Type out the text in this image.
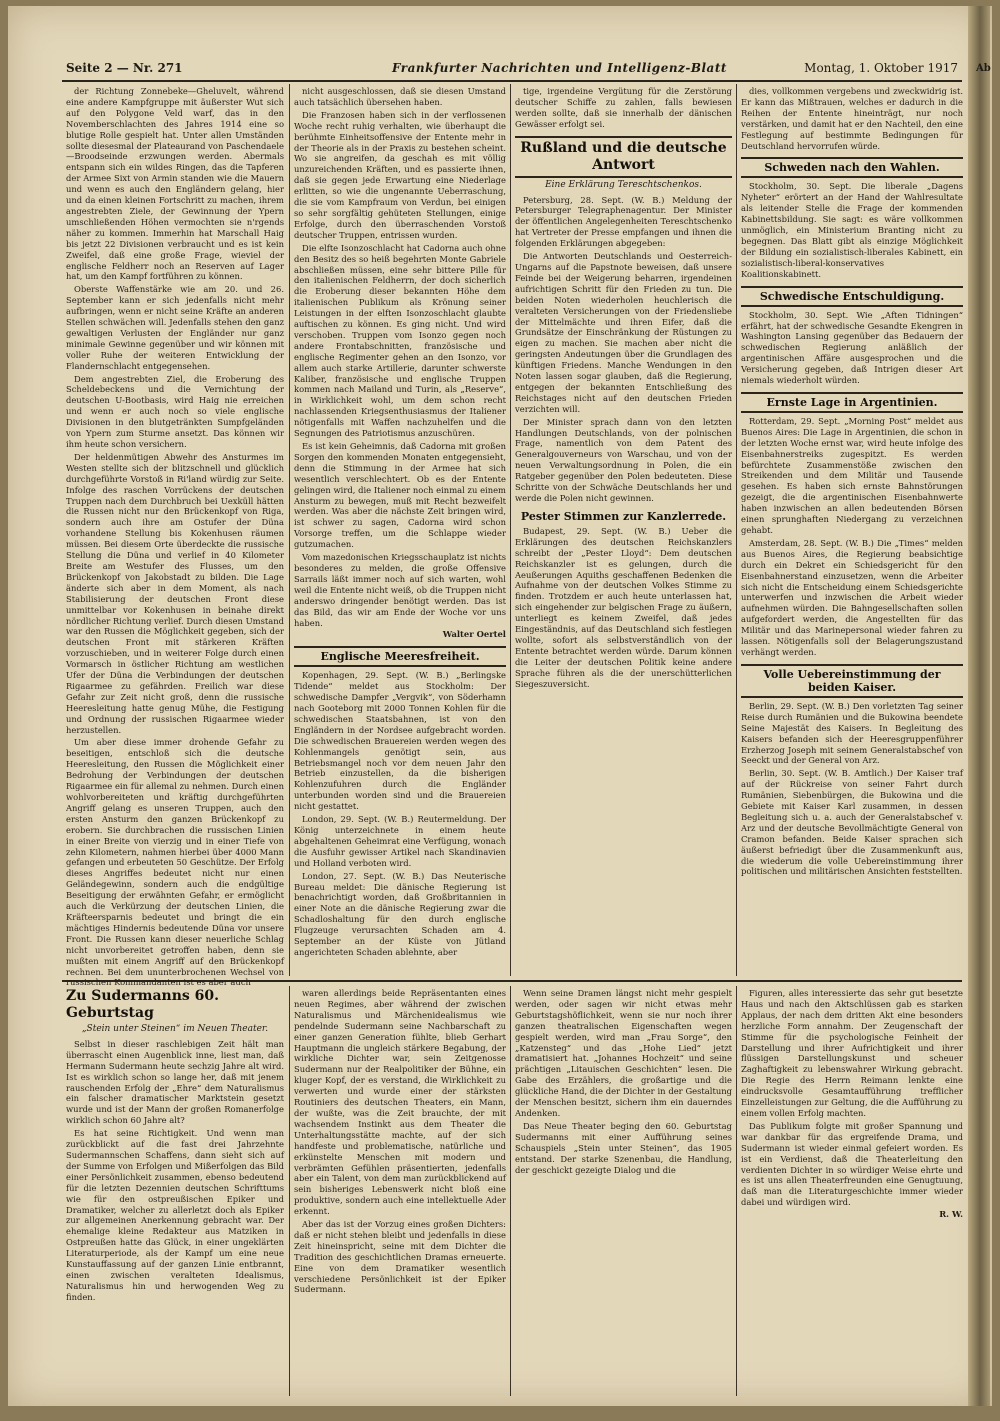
Seite 2 — Nr. 271	Frankfurter Nachrichten und Intelligenz-Blatt	Montag, 1. Oktober 1917 Ab

der Richtung Zonnebeke—Gheluvelt, während eine andere Kampfgruppe mit äußerster Wut sich auf den Polygone Veld warf, das in den Novemberschlachten des Jahres 1914 eine so blutige Rolle gespielt hat. Unter allen Umständen sollte diesesmal der Plateaurand von Paschendaele—Broodseinde erzwungen werden. Abermals entspann sich ein wildes Ringen, das die Tapferen der Armee Sixt von Armin standen wie die Mauern und wenn es auch den Engländern gelang, hier und da einen kleinen Fortschritt zu machen, ihrem angestrebten Ziele, der Gewinnung der Ypern umschließenden Höhen vermochten sie n'rgends näher zu kommen. Immerhin hat Marschall Haig bis jetzt 22 Divisionen verbraucht und es ist kein Zweifel, daß eine große Frage, wieviel der englische Feldherr noch an Reserven auf Lager hat, um den Kampf fortführen zu können.

Oberste Waffenstärke wie am 20. und 26. September kann er sich jedenfalls nicht mehr aufbringen, wenn er nicht seine Kräfte an anderen Stellen schwächen will. Jedenfalls stehen den ganz gewaltigen Verlusten der Engländer nur ganz minimale Gewinne gegenüber und wir können mit voller Ruhe der weiteren Entwicklung der Flandernschlacht entgegensehen.

Dem angestrebten Ziel, die Eroberung des Scheldebeckens und die Vernichtung der deutschen U-Bootbasis, wird Haig nie erreichen und wenn er auch noch so viele englische Divisionen in den blutgetränkten Sumpfgeländen von Ypern zum Sturme ansetzt. Das können wir ihm heute schon versichern.

Der heldenmütigen Abwehr des Ansturmes im Westen stellte sich der blitzschnell und glücklich durchgeführte Vorstoß in Ri'land würdig zur Seite. Infolge des raschen Vorrückens der deutschen Truppen nach dem Durchbruch bei Uexküll hätten die Russen nicht nur den Brückenkopf von Riga, sondern auch ihre am Ostufer der Düna vorhandene Stellung bis Kokenhusen räumen müssen. Bei diesem Orte überdeckte die russische Stellung die Düna und verlief in 40 Kilometer Breite am Westufer des Flusses, um den Brückenkopf von Jakobstadt zu bilden. Die Lage änderte sich aber in dem Moment, als nach Stabilisierung der deutschen Front diese unmittelbar vor Kokenhusen in beinahe direkt nördlicher Richtung verlief. Durch diesen Umstand war den Russen die Möglichkeit gegeben, sich der deutschen Front mit stärkeren Kräften vorzuschieben, und in weiterer Folge durch einen Vormarsch in östlicher Richtung am westlichen Ufer der Düna die Verbindungen der deutschen Rigaarmee zu gefährden. Freilich war diese Gefahr zur Zeit nicht groß, denn die russische Heeresleitung hatte genug Mühe, die Festigung und Ordnung der russischen Rigaarmee wieder herzustellen.

Um aber diese immer drohende Gefahr zu beseitigen, entschloß sich die deutsche Heeresleitung, den Russen die Möglichkeit einer Bedrohung der Verbindungen der deutschen Rigaarmee ein für allemal zu nehmen. Durch einen wohlvorbereiteten und kräftig durchgeführten Angriff gelang es unseren Truppen, auch den ersten Ansturm den ganzen Brückenkopf zu erobern. Sie durchbrachen die russischen Linien in einer Breite von vierzig und in einer Tiefe von zehn Kilometern, nahmen hierbei über 4000 Mann gefangen und erbeuteten 50 Geschütze. Der Erfolg dieses Angriffes bedeutet nicht nur einen Geländegewinn, sondern auch die endgültige Beseitigung der erwähnten Gefahr, er ermöglicht auch die Verkürzung der deutschen Linien, die Kräfteersparnis bedeutet und bringt die ein mächtiges Hindernis bedeutende Düna vor unsere Front. Die Russen kann dieser neuerliche Schlag nicht unvorbereitet getroffen haben, denn sie mußten mit einem Angriff auf den Brückenkopf rechnen. Bei dem ununterbrochenen Wechsel von russischen Kommandanten ist es aber auch

nicht ausgeschlossen, daß sie diesen Umstand auch tatsächlich übersehen haben.

Die Franzosen haben sich in der verflossenen Woche recht ruhig verhalten, wie überhaupt die berühmte Einheitsoffensive der Entente mehr in der Theorie als in der Praxis zu bestehen scheint. Wo sie angreifen, da geschah es mit völlig unzureichenden Kräften, und es passierte ihnen, daß sie gegen jede Erwartung eine Niederlage erlitten, so wie die ungenannte Ueberraschung, die sie vom Kampfraum von Verdun, bei einigen so sehr sorgfältig gehüteten Stellungen, einige Erfolge, durch den überraschenden Vorstoß deutscher Truppen, entrissen wurden.

Die elfte Isonzoschlacht hat Cadorna auch ohne den Besitz des so heiß begehrten Monte Gabriele abschließen müssen, eine sehr bittere Pille für den italienischen Feldherrn, der doch sicherlich die Eroberung dieser bekannten Höhe dem italienischen Publikum als Krönung seiner Leistungen in der elften Isonzoschlacht glaubte auftischen zu können. Es ging nicht. Und wird verschoben. Truppen vom Isonzo gegen noch andere Frontabschnitten, französische und englische Regimenter gehen an den Isonzo, vor allem auch starke Artillerie, darunter schwerste Kaliber, französische und englische Truppen kommen nach Mailand und Turin, als „Reserve“, in Wirklichkeit wohl, um dem schon recht nachlassenden Kriegsenthusiasmus der Italiener nötigenfalls mit Waffen nachzuhelfen und die Segnungen des Patriotismus anzuschüren.

Es ist kein Geheimnis, daß Cadorna mit großen Sorgen den kommenden Monaten entgegensieht, denn die Stimmung in der Armee hat sich wesentlich verschlechtert. Ob es der Entente gelingen wird, die Italiener noch einmal zu einem Ansturm zu bewegen, muß mit Recht bezweifelt werden. Was aber die nächste Zeit bringen wird, ist schwer zu sagen, Cadorna wird schon Vorsorge treffen, um die Schlappe wieder gutzumachen.

Vom mazedonischen Kriegsschauplatz ist nichts besonderes zu melden, die große Offensive Sarrails läßt immer noch auf sich warten, wohl weil die Entente nicht weiß, ob die Truppen nicht anderswo dringender benötigt werden. Das ist das Bild, das wir am Ende der Woche vor uns haben.

Walter Oertel
Englische Meeresfreiheit.

Kopenhagen, 29. Sept. (W. B.) „Berlingske Tidende“ meldet aus Stockholm: Der schwedische Dampfer „Vergvik“, von Söderhamn nach Gooteborg mit 2000 Tonnen Kohlen für die schwedischen Staatsbahnen, ist von den Engländern in der Nordsee aufgebracht worden. Die schwedischen Brauereien werden wegen des Kohlenmangels genötigt sein, aus Betriebsmangel noch vor dem neuen Jahr den Betrieb einzustellen, da die bisherigen Kohlenzufuhren durch die Engländer unterbunden worden sind und die Brauereien nicht gestattet.

London, 29. Sept. (W. B.) Reutermeldung. Der König unterzeichnete in einem heute abgehaltenen Geheimrat eine Verfügung, wonach die Ausfuhr gewisser Artikel nach Skandinavien und Holland verboten wird.

London, 27. Sept. (W. B.) Das Neuterische Bureau meldet: Die dänische Regierung ist benachrichtigt worden, daß Großbritannien in einer Note an die dänische Regierung zwar die Schadloshaltung für den durch englische Flugzeuge verursachten Schaden am 4. September an der Küste von Jütland angerichteten Schaden ablehnte, aber

tige, irgendeine Vergütung für die Zerstörung deutscher Schiffe zu zahlen, falls bewiesen werden sollte, daß sie innerhalb der dänischen Gewässer erfolgt sei.

Rußland und die deutsche Antwort
Eine Erklärung Tereschtschenkos.

Petersburg, 28. Sept. (W. B.) Meldung der Petersburger Telegraphenagentur. Der Minister der öffentlichen Angelegenheiten Tereschtschenko hat Vertreter der Presse empfangen und ihnen die folgenden Erklärungen abgegeben:

Die Antworten Deutschlands und Oesterreich-Ungarns auf die Papstnote beweisen, daß unsere Feinde bei der Weigerung beharren, irgendeinen aufrichtigen Schritt für den Frieden zu tun. Die beiden Noten wiederholen heuchlerisch die veralteten Versicherungen von der Friedensliebe der Mittelmächte und ihren Eifer, daß die Grundsätze der Einschränkung der Rüstungen zu eigen zu machen. Sie machen aber nicht die geringsten Andeutungen über die Grundlagen des künftigen Friedens. Manche Wendungen in den Noten lassen sogar glauben, daß die Regierung, entgegen der bekannten Entschließung des Reichstages nicht auf den deutschen Frieden verzichten will.

Der Minister sprach dann von den letzten Handlungen Deutschlands, von der polnischen Frage, namentlich von dem Patent des Generalgouverneurs von Warschau, und von der neuen Verwaltungsordnung in Polen, die ein Ratgeber gegenüber den Polen bedeuteten. Diese Schritte von der Schwäche Deutschlands her und werde die Polen nicht gewinnen.

Pester Stimmen zur Kanzlerrede.

Budapest, 29. Sept. (W. B.) Ueber die Erklärungen des deutschen Reichskanzlers schreibt der „Pester Lloyd“: Dem deutschen Reichskanzler ist es gelungen, durch die Aeußerungen Aquiths geschaffenen Bedenken die Aufnahme von der deutschen Volkes Stimme zu finden. Trotzdem er auch heute unterlassen hat, sich eingehender zur belgischen Frage zu äußern, unterliegt es keinem Zweifel, daß jedes Eingeständnis, auf das Deutschland sich festlegen wollte, sofort als selbstverständlich von der Entente betrachtet werden würde. Darum können die Leiter der deutschen Politik keine andere Sprache führen als die der unerschütterlichen Siegeszuversicht.

dies, vollkommen vergebens und zweckwidrig ist. Er kann das Mißtrauen, welches er dadurch in die Reihen der Entente hineinträgt, nur noch verstärken, und damit hat er den Nachteil, den eine Festlegung auf bestimmte Bedingungen für Deutschland hervorrufen würde.

Schweden nach den Wahlen.

Stockholm, 30. Sept. Die liberale „Dagens Nyheter“ erörtert an der Hand der Wahlresultate als leitender Stelle die Frage der kommenden Kabinettsbildung. Sie sagt: es wäre vollkommen unmöglich, ein Ministerium Branting nicht zu begegnen. Das Blatt gibt als einzige Möglichkeit der Bildung ein sozialistisch-liberales Kabinett, ein sozialistisch-liberal-konservatives Koalitionskabinett.

Schwedische Entschuldigung.

Stockholm, 30. Sept. Wie „Aften Tidningen“ erfährt, hat der schwedische Gesandte Ekengren in Washington Lansing gegenüber das Bedauern der schwedischen Regierung anläßlich der argentinischen Affäre ausgesprochen und die Versicherung gegeben, daß Intrigen dieser Art niemals wiederholt würden.

Ernste Lage in Argentinien.

Rotterdam, 29. Sept. „Morning Post“ meldet aus Buenos Aires: Die Lage in Argentinien, die schon in der letzten Woche ernst war, wird heute infolge des Eisenbahnerstreiks zugespitzt. Es werden befürchtete Zusammenstöße zwischen den Streikenden und dem Militär und Tausende gesehen. Es haben sich ernste Bahnstörungen gezeigt, die die argentinischen Eisenbahnwerte haben inzwischen an allen bedeutenden Börsen einen sprunghaften Niedergang zu verzeichnen gehabt.

Amsterdam, 28. Sept. (W. B.) Die „Times“ melden aus Buenos Aires, die Regierung beabsichtige durch ein Dekret ein Schiedsgericht für den Eisenbahnerstand einzusetzen, wenn die Arbeiter sich nicht die Entscheidung einem Schiedsgerichte unterwerfen und inzwischen die Arbeit wieder aufnehmen würden. Die Bahngesellschaften sollen aufgefordert werden, die Angestellten für das Militär und das Marinepersonal wieder fahren zu lassen. Nötigenfalls soll der Belagerungszustand verhängt werden.

Volle Uebereinstimmung der beiden Kaiser.

Berlin, 29. Sept. (W. B.) Den vorletzten Tag seiner Reise durch Rumänien und die Bukowina beendete Seine Majestät des Kaisers. In Begleitung des Kaisers befanden sich der Heeresgruppenführer Erzherzog Joseph mit seinem Generalstabschef von Seeckt und der General von Arz.

Berlin, 30. Sept. (W. B. Amtlich.) Der Kaiser traf auf der Rückreise von seiner Fahrt durch Rumänien, Siebenbürgen, die Bukowina und die Gebiete mit Kaiser Karl zusammen, in dessen Begleitung sich u. a. auch der Generalstabschef v. Arz und der deutsche Bevollmächtigte General von Cramon befanden. Beide Kaiser sprachen sich äußerst befriedigt über die Zusammenkunft aus, die wiederum die volle Uebereinstimmung ihrer politischen und militärischen Ansichten feststellten.

Zu Sudermanns 60. Geburtstag
„Stein unter Steinen“ im Neuen Theater.

Selbst in dieser raschlebigen Zeit hält man überrascht einen Augenblick inne, liest man, daß Hermann Sudermann heute sechzig Jahre alt wird. Ist es wirklich schon so lange her, daß mit jenem rauschenden Erfolg der „Ehre“ dem Naturalismus ein falscher dramatischer Marktstein gesetzt wurde und ist der Mann der großen Romanerfolge wirklich schon 60 Jahre alt?

Es hat seine Richtigkeit. Und wenn man zurückblickt auf die fast drei Jahrzehnte Sudermannschen Schaffens, dann sieht sich auf der Summe von Erfolgen und Mißerfolgen das Bild einer Persönlichkeit zusammen, ebenso bedeutend für die letzten Dezennien deutschen Schrifttums wie für den ostpreußischen Epiker und Dramatiker, welcher zu allerletzt doch als Epiker zur allgemeinen Anerkennung gebracht war. Der ehemalige kleine Redakteur aus Matziken in Ostpreußen hatte das Glück, in einer ungeklärten Literaturperiode, als der Kampf um eine neue Kunstauffassung auf der ganzen Linie entbrannt, einen zwischen veralteten Idealismus, Naturalismus hin und herwogenden Weg zu finden.

waren allerdings beide Repräsentanten eines neuen Regimes, aber während der zwischen Naturalismus und Märchenidealismus wie pendelnde Sudermann seine Nachbarschaft zu einer ganzen Generation fühlte, blieb Gerhart Hauptmann die ungleich stärkere Begabung, der wirkliche Dichter war, sein Zeitgenosse Sudermann nur der Realpolitiker der Bühne, ein kluger Kopf, der es verstand, die Wirklichkeit zu verwerten und wurde einer der stärksten Routiniers des deutschen Theaters, ein Mann, der wußte, was die Zeit brauchte, der mit wachsendem Instinkt aus dem Theater die Unterhaltungsstätte machte, auf der sich handfeste und problematische, natürliche und erkünstelte Menschen mit modern und verbrämten Gefühlen präsentierten, jedenfalls aber ein Talent, von dem man zurückblickend auf sein bisheriges Lebenswerk nicht bloß eine produktive, sondern auch eine intellektuelle Ader erkennt.

Aber das ist der Vorzug eines großen Dichters: daß er nicht stehen bleibt und jedenfalls in diese Zeit hineinspricht, seine mit dem Dichter die Tradition des geschichtlichen Dramas erneuerte. Eine von dem Dramatiker wesentlich verschiedene Persönlichkeit ist der Epiker Sudermann.

Wenn seine Dramen längst nicht mehr gespielt werden, oder sagen wir nicht etwas mehr Geburtstagshöflichkeit, wenn sie nur noch ihrer ganzen theatralischen Eigenschaften wegen gespielt werden, wird man „Frau Sorge“, den „Katzensteg“ und das „Hohe Lied“ jetzt dramatisiert hat. „Johannes Hochzeit“ und seine prächtigen „Litauischen Geschichten“ lesen. Die Gabe des Erzählers, die großartige und die glückliche Hand, die der Dichter in der Gestaltung der Menschen besitzt, sichern ihm ein dauerndes Andenken.

Das Neue Theater beging den 60. Geburtstag Sudermanns mit einer Aufführung seines Schauspiels „Stein unter Steinen“, das 1905 entstand. Der starke Szenenbau, die Handlung, der geschickt gezeigte Dialog und die

Figuren, alles interessierte das sehr gut besetzte Haus und nach den Aktschlüssen gab es starken Applaus, der nach dem dritten Akt eine besonders herzliche Form annahm. Der Zeugenschaft der Stimme für die psychologische Feinheit der Darstellung und ihrer Aufrichtigkeit und ihrer flüssigen Darstellungskunst und scheuer Zaghaftigkeit zu lebenswahrer Wirkung gebracht. Die Regie des Herrn Reimann lenkte eine eindrucksvolle Gesamtaufführung trefflicher Einzelleistungen zur Geltung, die die Aufführung zu einem vollen Erfolg machten.

Das Publikum folgte mit großer Spannung und war dankbar für das ergreifende Drama, und Sudermann ist wieder einmal gefeiert worden. Es ist ein Verdienst, daß die Theaterleitung den verdienten Dichter in so würdiger Weise ehrte und es ist uns allen Theaterfreunden eine Genugtuung, daß man die Literaturgeschichte immer wieder dabei und würdigen wird.

R. W.
